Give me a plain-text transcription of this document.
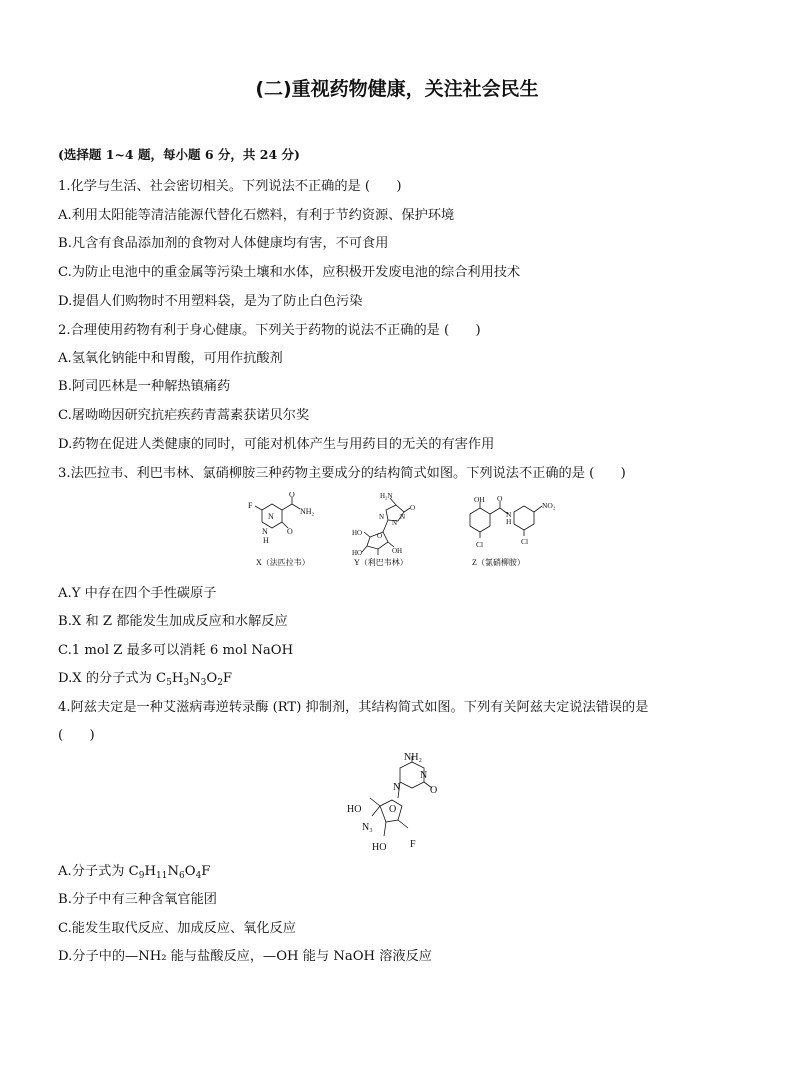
(二)重视药物健康，关注社会民生
(选择题 1~4 题，每小题 6 分，共 24 分)
1.化学与生活、社会密切相关。下列说法不正确的是 (　　)
A.利用太阳能等清洁能源代替化石燃料，有利于节约资源、保护环境
B.凡含有食品添加剂的食物对人体健康均有害，不可食用
C.为防止电池中的重金属等污染土壤和水体，应积极开发废电池的综合利用技术
D.提倡人们购物时不用塑料袋，是为了防止白色污染
2.合理使用药物有利于身心健康。下列关于药物的说法不正确的是 (　　)
A.氢氧化钠能中和胃酸，可用作抗酸剂
B.阿司匹林是一种解热镇痛药
C.屠呦呦因研究抗疟疾药青蒿素获诺贝尔奖
D.药物在促进人类健康的同时，可能对机体产生与用药目的无关的有害作用
3.法匹拉韦、利巴韦林、氯硝柳胺三种药物主要成分的结构简式如图。下列说法不正确的是 (　　)
F
N
N
H
O
O
NH₂
X（法匹拉韦）
H₂N
O
N
N
N
O
HO
HO	OH
Y（利巴韦林）
OH O
H
N
NO₂
Cl	Cl
Z（氯硝柳胺）
A.Y 中存在四个手性碳原子
B.X 和 Z 都能发生加成反应和水解反应
C.1 mol Z 最多可以消耗 6 mol NaOH
D.X 的分子式为 $C_5H_3N_3O_2F$
4.阿兹夫定是一种艾滋病毒逆转录酶 (RT) 抑制剂，其结构简式如图。下列有关阿兹夫定说法错误的是
(　　)
NH₂
N
N	O
O
HO
N₃
HO F
A.分子式为 $C_9H_{11}N_6O_4F$
B.分子中有三种含氧官能团
C.能发生取代反应、加成反应、氧化反应
D.分子中的—NH₂ 能与盐酸反应，—OH 能与 NaOH 溶液反应
